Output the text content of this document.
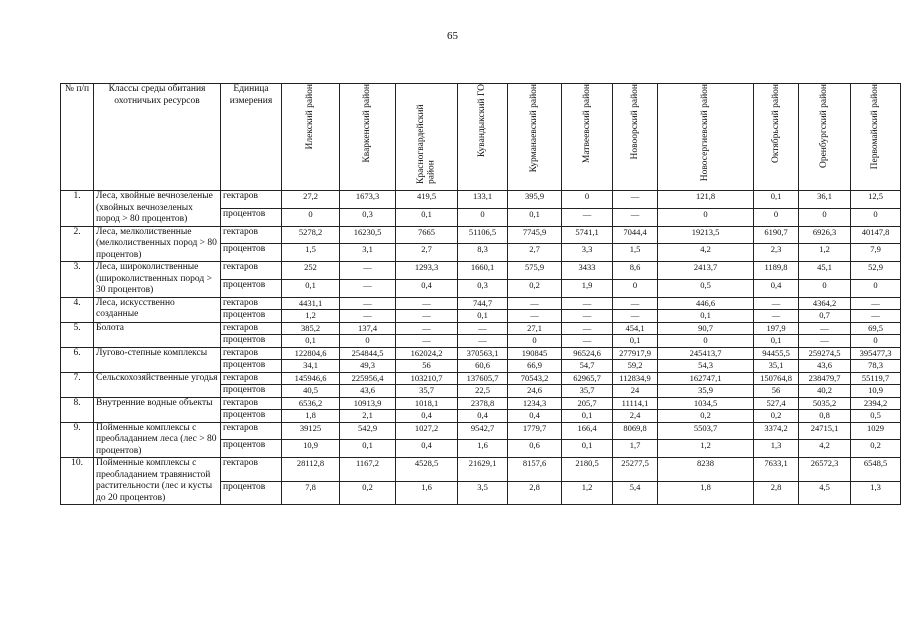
65
№ п/п	Классы среды обитания охотничьих ресурсов	Единица измерения	Илекский район	Кваркенский район	Красногвардейский район	Кувандыкский ГО	Курманаевский район	Матвеевский район	Новоорский район	Новосергиевский район	Октябрьский район	Оренбургский район	Первомайский район
1.	Леса, хвойные вечнозеленые (хвойных вечнозеленых пород > 80 процентов)	гектаров	27,2	1673,3	419,5	133,1	395,9	0	—	121,8	0,1	36,1	12,5
		процентов	0	0,3	0,1	0	0,1	—	—	0	0	0	0
2.	Леса, мелколиственные (мелколиственных пород > 80 процентов)	гектаров	5278,2	16230,5	7665	51106,5	7745,9	5741,1	7044,4	19213,5	6190,7	6926,3	40147,8
		процентов	1,5	3,1	2,7	8,3	2,7	3,3	1,5	4,2	2,3	1,2	7,9
3.	Леса, широколиственные (широколиственных пород > 30 процентов)	гектаров	252	—	1293,3	1660,1	575,9	3433	8,6	2413,7	1189,8	45,1	52,9
		процентов	0,1	—	0,4	0,3	0,2	1,9	0	0,5	0,4	0	0
4.	Леса, искусственно созданные	гектаров	4431,1	—	—	744,7	—	—	—	446,6	—	4364,2	—
		процентов	1,2	—	—	0,1	—	—	—	0,1	—	0,7	—
5.	Болота	гектаров	385,2	137,4	—	—	27,1	—	454,1	90,7	197,9	—	69,5
		процентов	0,1	0	—	—	0	—	0,1	0	0,1	—	0
6.	Лугово-степные комплексы	гектаров	122804,6	254844,5	162024,2	370563,1	190845	96524,6	277917,9	245413,7	94455,5	259274,5	395477,3
		процентов	34,1	49,3	56	60,6	66,9	54,7	59,2	54,3	35,1	43,6	78,3
7.	Сельскохозяйственные угодья	гектаров	145946,6	225956,4	103210,7	137605,7	70543,2	62965,7	112834,9	162747,1	150764,8	238479,7	55119,7
		процентов	40,5	43,6	35,7	22,5	24,6	35,7	24	35,9	56	40,2	10,9
8.	Внутренние водные объекты	гектаров	6536,2	10913,9	1018,1	2378,8	1234,3	205,7	11114,1	1034,5	527,4	5035,2	2394,2
		процентов	1,8	2,1	0,4	0,4	0,4	0,1	2,4	0,2	0,2	0,8	0,5
9.	Пойменные комплексы с преобладанием леса (лес > 80 процентов)	гектаров	39125	542,9	1027,2	9542,7	1779,7	166,4	8069,8	5503,7	3374,2	24715,1	1029
		процентов	10,9	0,1	0,4	1,6	0,6	0,1	1,7	1,2	1,3	4,2	0,2
10.	Пойменные комплексы с преобладанием травянистой растительности (лес и кусты до 20 процентов)	гектаров	28112,8	1167,2	4528,5	21629,1	8157,6	2180,5	25277,5	8238	7633,1	26572,3	6548,5
		процентов	7,8	0,2	1,6	3,5	2,8	1,2	5,4	1,8	2,8	4,5	1,3
